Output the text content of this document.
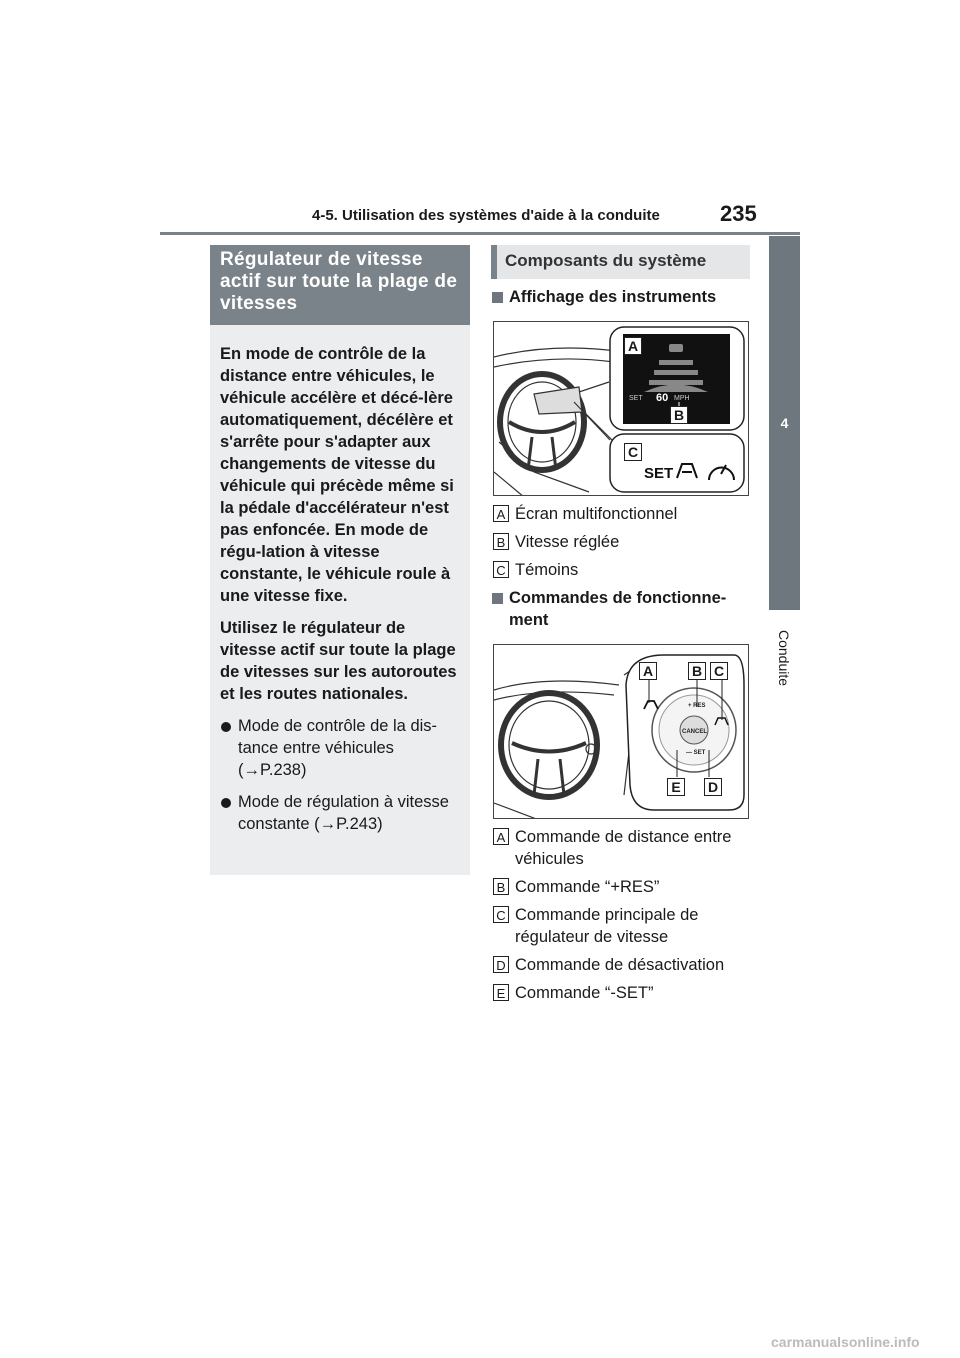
4-5. Utilisation des systèmes d'aide à la conduite	235
4
Conduite
Régulateur de vitesse actif sur toute la plage de vitesses

En mode de contrôle de la distance entre véhicules, le véhicule accélère et décé-lère automatiquement, décélère et s'arrête pour s'adapter aux changements de vitesse du véhicule qui précède même si la pédale d'accélérateur n'est pas enfoncée. En mode de régu-lation à vitesse constante, le véhicule roule à une vitesse fixe.

Utilisez le régulateur de vitesse actif sur toute la plage de vitesses sur les autoroutes et les routes nationales.

Mode de contrôle de la dis-tance entre véhicules (→P.238)

Mode de régulation à vitesse constante (→P.243)

Composants du système
Affichage des instruments
SET 60 MPH
SET
A
B
C
A Écran multifonctionnel
B Vitesse réglée
C Témoins
Commandes de fonctionne-ment
CANCEL
+ RES
— SET
A	B C
E	D
A Commande de distance entre véhicules
B Commande “+RES”
C Commande principale de régulateur de vitesse
D Commande de désactivation
E Commande “-SET”
carmanualsonline.info
